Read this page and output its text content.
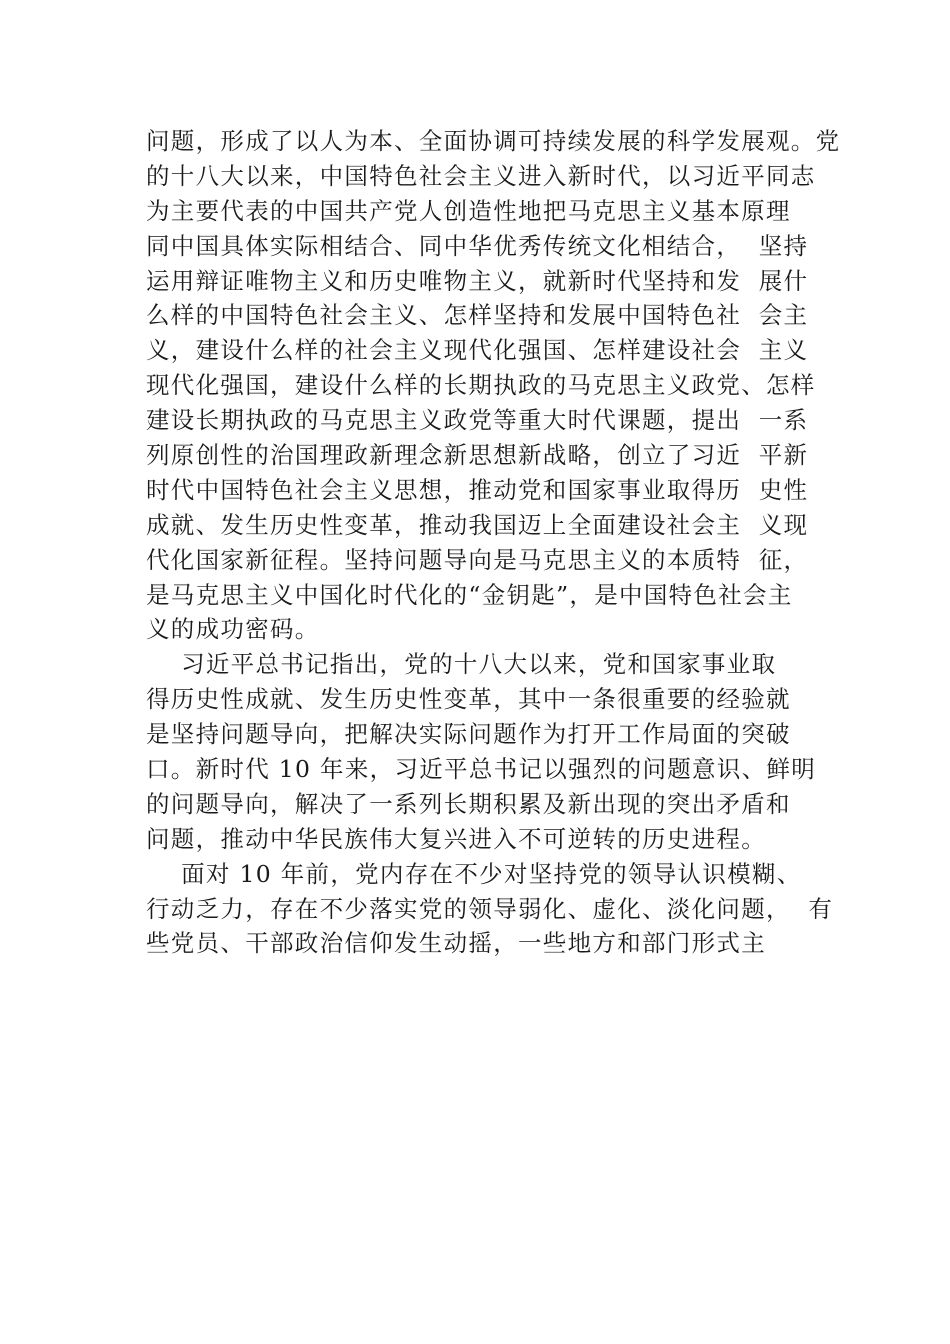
问题，形成了以人为本、全面协调可持续发展的科学发展观。党
的十八大以来，中国特色社会主义进入新时代，以习近平同志
为主要代表的中国共产党人创造性地把马克思主义基本原理
同中国具体实际相结合、同中华优秀传统文化相结合，  坚持
运用辩证唯物主义和历史唯物主义，就新时代坚持和发  展什
么样的中国特色社会主义、怎样坚持和发展中国特色社  会主
义，建设什么样的社会主义现代化强国、怎样建设社会  主义
现代化强国，建设什么样的长期执政的马克思主义政党、怎样
建设长期执政的马克思主义政党等重大时代课题，提出  一系
列原创性的治国理政新理念新思想新战略，创立了习近  平新
时代中国特色社会主义思想，推动党和国家事业取得历  史性
成就、发生历史性变革，推动我国迈上全面建设社会主  义现
代化国家新征程。坚持问题导向是马克思主义的本质特  征，
是马克思主义中国化时代化的“金钥匙”，是中国特色社会主
义的成功密码。
习近平总书记指出，党的十八大以来，党和国家事业取
得历史性成就、发生历史性变革，其中一条很重要的经验就
是坚持问题导向，把解决实际问题作为打开工作局面的突破
口。新时代 10 年来，习近平总书记以强烈的问题意识、鲜明
的问题导向，解决了一系列长期积累及新出现的突出矛盾和
问题，推动中华民族伟大复兴进入不可逆转的历史进程。
面对 10 年前，党内存在不少对坚持党的领导认识模糊、
行动乏力，存在不少落实党的领导弱化、虚化、淡化问题，  有
些党员、干部政治信仰发生动摇，一些地方和部门形式主
